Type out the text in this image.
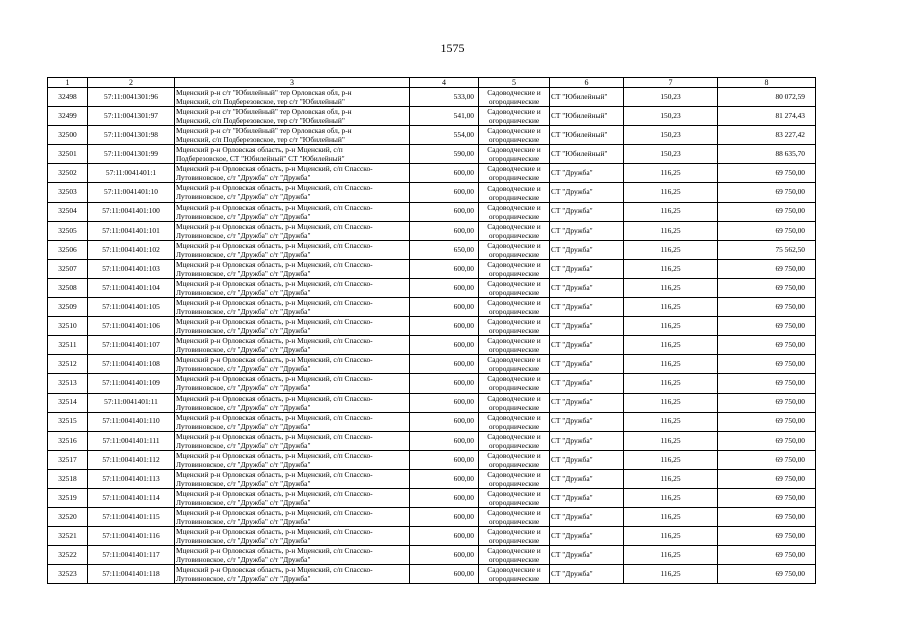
1575
1	2	3	4	5	6	7	8
32498	57:11:0041301:96	Мценский р-н с/т "Юбилейный" тер Орловская обл, р-н
Мценский, с/п Подберезовское, тер с/т "Юбилейный"	533,00	Садоводческие и
огороднические	СТ "Юбилейный"	150,23	80 072,59
32499	57:11:0041301:97	Мценский р-н с/т "Юбилейный" тер Орловская обл, р-н
Мценский, с/п Подберезовское, тер с/т "Юбилейный"	541,00	Садоводческие и
огороднические	СТ "Юбилейный"	150,23	81 274,43
32500	57:11:0041301:98	Мценский р-н с/т "Юбилейный" тер Орловская обл, р-н
Мценский, с/п Подберезовское, тер с/т "Юбилейный"	554,00	Садоводческие и
огороднические	СТ "Юбилейный"	150,23	83 227,42
32501	57:11:0041301:99	Мценский р-н Орловская область, р-н Мценский, с/п
Подберезовское, СТ "Юбилейный" СТ "Юбилейный"	590,00	Садоводческие и
огороднические	СТ "Юбилейный"	150,23	88 635,70
32502	57:11:0041401:1	Мценский р-н Орловская область, р-н Мценский, с/п Спасско-
Лутовиновское, с/т "Дружба" с/т "Дружба"	600,00	Садоводческие и
огороднические	СТ "Дружба"	116,25	69 750,00
32503	57:11:0041401:10	Мценский р-н Орловская область, р-н Мценский, с/п Спасско-
Лутовиновское, с/т "Дружба" с/т "Дружба"	600,00	Садоводческие и
огороднические	СТ "Дружба"	116,25	69 750,00
32504	57:11:0041401:100	Мценский р-н Орловская область, р-н Мценский, с/п Спасско-
Лутовиновское, с/т "Дружба" с/т "Дружба"	600,00	Садоводческие и
огороднические	СТ "Дружба"	116,25	69 750,00
32505	57:11:0041401:101	Мценский р-н Орловская область, р-н Мценский, с/п Спасско-
Лутовиновское, с/т "Дружба" с/т "Дружба"	600,00	Садоводческие и
огороднические	СТ "Дружба"	116,25	69 750,00
32506	57:11:0041401:102	Мценский р-н Орловская область, р-н Мценский, с/п Спасско-
Лутовиновское, с/т "Дружба" с/т "Дружба"	650,00	Садоводческие и
огороднические	СТ "Дружба"	116,25	75 562,50
32507	57:11:0041401:103	Мценский р-н Орловская область, р-н Мценский, с/п Спасско-
Лутовиновское, с/т "Дружба" с/т "Дружба"	600,00	Садоводческие и
огороднические	СТ "Дружба"	116,25	69 750,00
32508	57:11:0041401:104	Мценский р-н Орловская область, р-н Мценский, с/п Спасско-
Лутовиновское, с/т "Дружба" с/т "Дружба"	600,00	Садоводческие и
огороднические	СТ "Дружба"	116,25	69 750,00
32509	57:11:0041401:105	Мценский р-н Орловская область, р-н Мценский, с/п Спасско-
Лутовиновское, с/т "Дружба" с/т "Дружба"	600,00	Садоводческие и
огороднические	СТ "Дружба"	116,25	69 750,00
32510	57:11:0041401:106	Мценский р-н Орловская область, р-н Мценский, с/п Спасско-
Лутовиновское, с/т "Дружба" с/т "Дружба"	600,00	Садоводческие и
огороднические	СТ "Дружба"	116,25	69 750,00
32511	57:11:0041401:107	Мценский р-н Орловская область, р-н Мценский, с/п Спасско-
Лутовиновское, с/т "Дружба" с/т "Дружба"	600,00	Садоводческие и
огороднические	СТ "Дружба"	116,25	69 750,00
32512	57:11:0041401:108	Мценский р-н Орловская область, р-н Мценский, с/п Спасско-
Лутовиновское, с/т "Дружба" с/т "Дружба"	600,00	Садоводческие и
огороднические	СТ "Дружба"	116,25	69 750,00
32513	57:11:0041401:109	Мценский р-н Орловская область, р-н Мценский, с/п Спасско-
Лутовиновское, с/т "Дружба" с/т "Дружба"	600,00	Садоводческие и
огороднические	СТ "Дружба"	116,25	69 750,00
32514	57:11:0041401:11	Мценский р-н Орловская область, р-н Мценский, с/п Спасско-
Лутовиновское, с/т "Дружба" с/т "Дружба"	600,00	Садоводческие и
огороднические	СТ "Дружба"	116,25	69 750,00
32515	57:11:0041401:110	Мценский р-н Орловская область, р-н Мценский, с/п Спасско-
Лутовиновское, с/т "Дружба" с/т "Дружба"	600,00	Садоводческие и
огороднические	СТ "Дружба"	116,25	69 750,00
32516	57:11:0041401:111	Мценский р-н Орловская область, р-н Мценский, с/п Спасско-
Лутовиновское, с/т "Дружба" с/т "Дружба"	600,00	Садоводческие и
огороднические	СТ "Дружба"	116,25	69 750,00
32517	57:11:0041401:112	Мценский р-н Орловская область, р-н Мценский, с/п Спасско-
Лутовиновское, с/т "Дружба" с/т "Дружба"	600,00	Садоводческие и
огороднические	СТ "Дружба"	116,25	69 750,00
32518	57:11:0041401:113	Мценский р-н Орловская область, р-н Мценский, с/п Спасско-
Лутовиновское, с/т "Дружба" с/т "Дружба"	600,00	Садоводческие и
огороднические	СТ "Дружба"	116,25	69 750,00
32519	57:11:0041401:114	Мценский р-н Орловская область, р-н Мценский, с/п Спасско-
Лутовиновское, с/т "Дружба" с/т "Дружба"	600,00	Садоводческие и
огороднические	СТ "Дружба"	116,25	69 750,00
32520	57:11:0041401:115	Мценский р-н Орловская область, р-н Мценский, с/п Спасско-
Лутовиновское, с/т "Дружба" с/т "Дружба"	600,00	Садоводческие и
огороднические	СТ "Дружба"	116,25	69 750,00
32521	57:11:0041401:116	Мценский р-н Орловская область, р-н Мценский, с/п Спасско-
Лутовиновское, с/т "Дружба" с/т "Дружба"	600,00	Садоводческие и
огороднические	СТ "Дружба"	116,25	69 750,00
32522	57:11:0041401:117	Мценский р-н Орловская область, р-н Мценский, с/п Спасско-
Лутовиновское, с/т "Дружба" с/т "Дружба"	600,00	Садоводческие и
огороднические	СТ "Дружба"	116,25	69 750,00
32523	57:11:0041401:118	Мценский р-н Орловская область, р-н Мценский, с/п Спасско-
Лутовиновское, с/т "Дружба" с/т "Дружба"	600,00	Садоводческие и
огороднические	СТ "Дружба"	116,25	69 750,00
